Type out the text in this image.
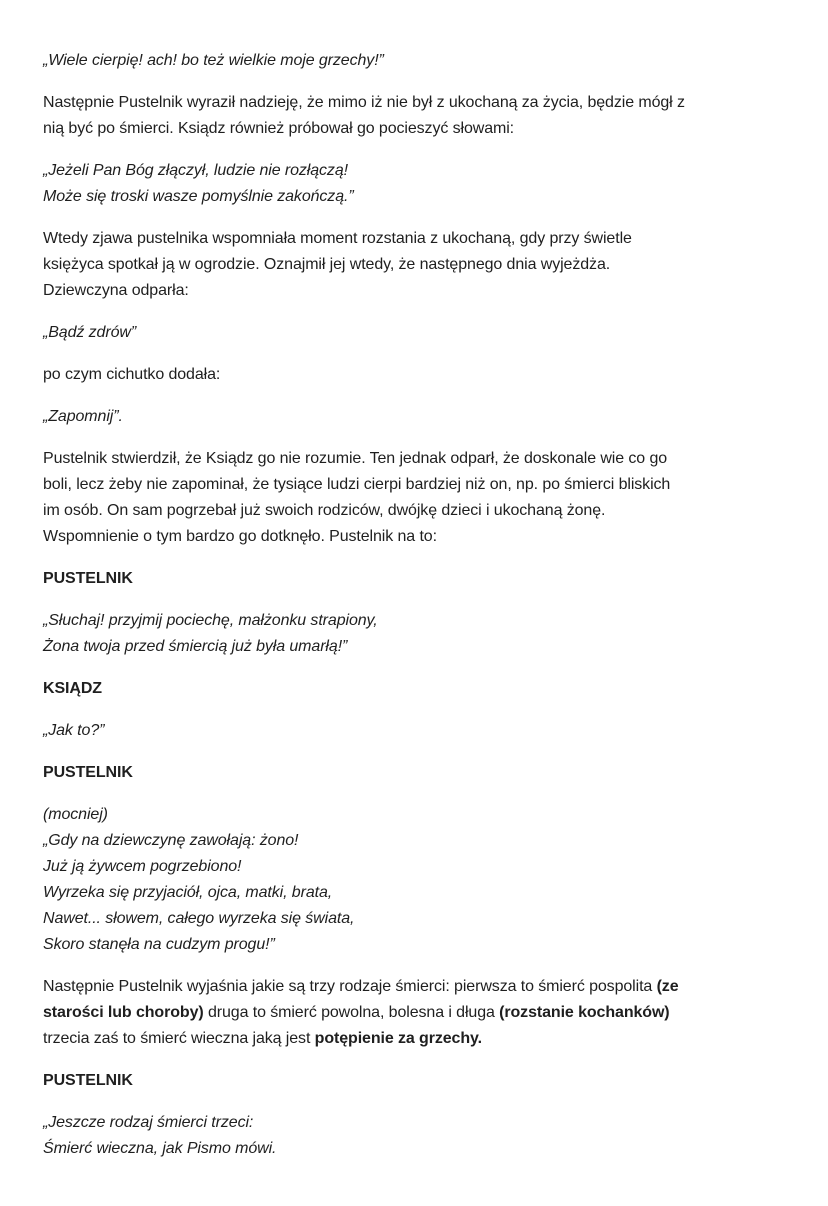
„Wiele cierpię! ach! bo też wielkie moje grzechy!”

Następnie Pustelnik wyraził nadzieję, że mimo iż nie był z ukochaną za życia, będzie mógł z
nią być po śmierci. Ksiądz również próbował go pocieszyć słowami:

„Jeżeli Pan Bóg złączył, ludzie nie rozłączą!
Może się troski wasze pomyślnie zakończą.”

Wtedy zjawa pustelnika wspomniała moment rozstania z ukochaną, gdy przy świetle
księżyca spotkał ją w ogrodzie. Oznajmił jej wtedy, że następnego dnia wyjeżdża.
Dziewczyna odparła:

„Bądź zdrów”

po czym cichutko dodała:

„Zapomnij”.

Pustelnik stwierdził, że Ksiądz go nie rozumie. Ten jednak odparł, że doskonale wie co go
boli, lecz żeby nie zapominał, że tysiące ludzi cierpi bardziej niż on, np. po śmierci bliskich
im osób. On sam pogrzebał już swoich rodziców, dwójkę dzieci i ukochaną żonę.
Wspomnienie o tym bardzo go dotknęło. Pustelnik na to:

PUSTELNIK

„Słuchaj! przyjmij pociechę, małżonku strapiony,
Żona twoja przed śmiercią już była umarłą!”

KSIĄDZ

„Jak to?”

PUSTELNIK

(mocniej)
„Gdy na dziewczynę zawołają: żono!
Już ją żywcem pogrzebiono!
Wyrzeka się przyjaciół, ojca, matki, brata,
Nawet... słowem, całego wyrzeka się świata,
Skoro stanęła na cudzym progu!”

Następnie Pustelnik wyjaśnia jakie są trzy rodzaje śmierci: pierwsza to śmierć pospolita (ze
starości lub choroby) druga to śmierć powolna, bolesna i długa (rozstanie kochanków)
trzecia zaś to śmierć wieczna jaką jest potępienie za grzechy.

PUSTELNIK

„Jeszcze rodzaj śmierci trzeci:
Śmierć wieczna, jak Pismo mówi.
